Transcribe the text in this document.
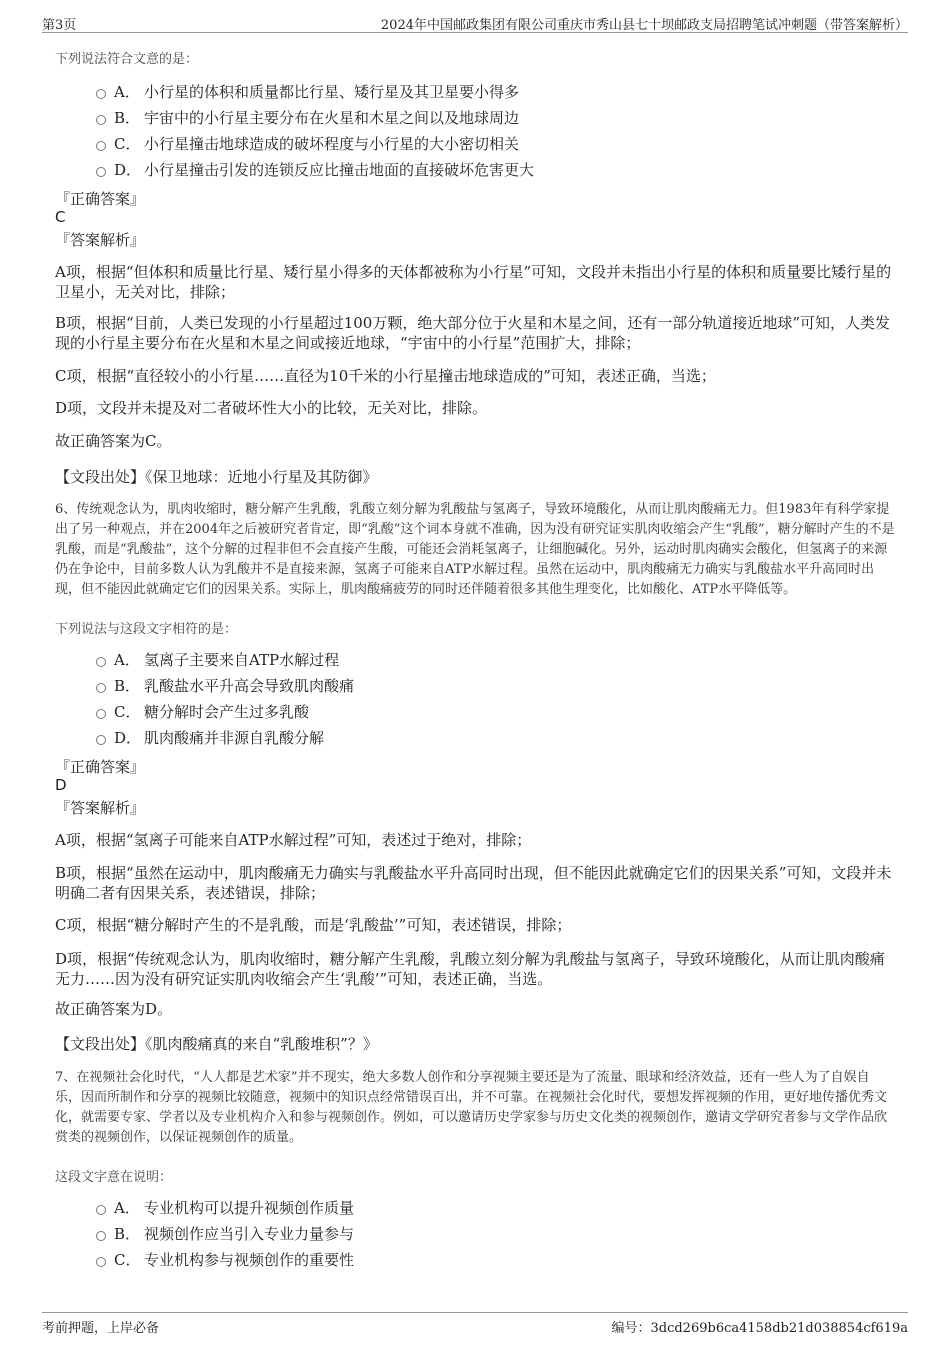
第3页	2024年中国邮政集团有限公司重庆市秀山县七十坝邮政支局招聘笔试冲刺题（带答案解析）
下列说法符合文意的是：
A． 小行星的体积和质量都比行星、矮行星及其卫星要小得多
B． 宇宙中的小行星主要分布在火星和木星之间以及地球周边
C． 小行星撞击地球造成的破坏程度与小行星的大小密切相关
D． 小行星撞击引发的连锁反应比撞击地面的直接破坏危害更大
『正确答案』
C
『答案解析』
A项，根据“但体积和质量比行星、矮行星小得多的天体都被称为小行星”可知，文段并未指出小行星的体积和质量要比矮行星的卫星小，无关对比，排除；
B项，根据“目前，人类已发现的小行星超过100万颗，绝大部分位于火星和木星之间，还有一部分轨道接近地球”可知，人类发现的小行星主要分布在火星和木星之间或接近地球，“宇宙中的小行星”范围扩大，排除；
C项，根据“直径较小的小行星……直径为10千米的小行星撞击地球造成的”可知，表述正确，当选；
D项，文段并未提及对二者破坏性大小的比较，无关对比，排除。
故正确答案为C。
【文段出处】《保卫地球：近地小行星及其防御》
6、传统观念认为，肌肉收缩时，糖分解产生乳酸，乳酸立刻分解为乳酸盐与氢离子，导致环境酸化，从而让肌肉酸痛无力。但1983年有科学家提出了另一种观点，并在2004年之后被研究者肯定，即“乳酸”这个词本身就不准确，因为没有研究证实肌肉收缩会产生“乳酸”，糖分解时产生的不是乳酸，而是“乳酸盐”，这个分解的过程非但不会直接产生酸，可能还会消耗氢离子，让细胞碱化。另外，运动时肌肉确实会酸化，但氢离子的来源仍在争论中，目前多数人认为乳酸并不是直接来源，氢离子可能来自ATP水解过程。虽然在运动中，肌肉酸痛无力确实与乳酸盐水平升高同时出现，但不能因此就确定它们的因果关系。实际上，肌肉酸痛疲劳的同时还伴随着很多其他生理变化，比如酸化、ATP水平降低等。
下列说法与这段文字相符的是：
A． 氢离子主要来自ATP水解过程
B． 乳酸盐水平升高会导致肌肉酸痛
C． 糖分解时会产生过多乳酸
D． 肌肉酸痛并非源自乳酸分解
『正确答案』
D
『答案解析』
A项，根据“氢离子可能来自ATP水解过程”可知，表述过于绝对，排除；
B项，根据“虽然在运动中，肌肉酸痛无力确实与乳酸盐水平升高同时出现，但不能因此就确定它们的因果关系”可知，文段并未明确二者有因果关系，表述错误，排除；
C项，根据“糖分解时产生的不是乳酸，而是‘乳酸盐’”可知，表述错误，排除；
D项，根据“传统观念认为，肌肉收缩时，糖分解产生乳酸，乳酸立刻分解为乳酸盐与氢离子，导致环境酸化，从而让肌肉酸痛无力……因为没有研究证实肌肉收缩会产生‘乳酸’”可知，表述正确，当选。
故正确答案为D。
【文段出处】《肌肉酸痛真的来自“乳酸堆积”？》
7、在视频社会化时代，“人人都是艺术家”并不现实，绝大多数人创作和分享视频主要还是为了流量、眼球和经济效益，还有一些人为了自娱自乐，因而所制作和分享的视频比较随意，视频中的知识点经常错误百出，并不可靠。在视频社会化时代，要想发挥视频的作用，更好地传播优秀文化，就需要专家、学者以及专业机构介入和参与视频创作。例如，可以邀请历史学家参与历史文化类的视频创作，邀请文学研究者参与文学作品欣赏类的视频创作，以保证视频创作的质量。
这段文字意在说明：
A． 专业机构可以提升视频创作质量
B． 视频创作应当引入专业力量参与
C． 专业机构参与视频创作的重要性
考前押题，上岸必备	编号：3dcd269b6ca4158db21d038854cf619a
